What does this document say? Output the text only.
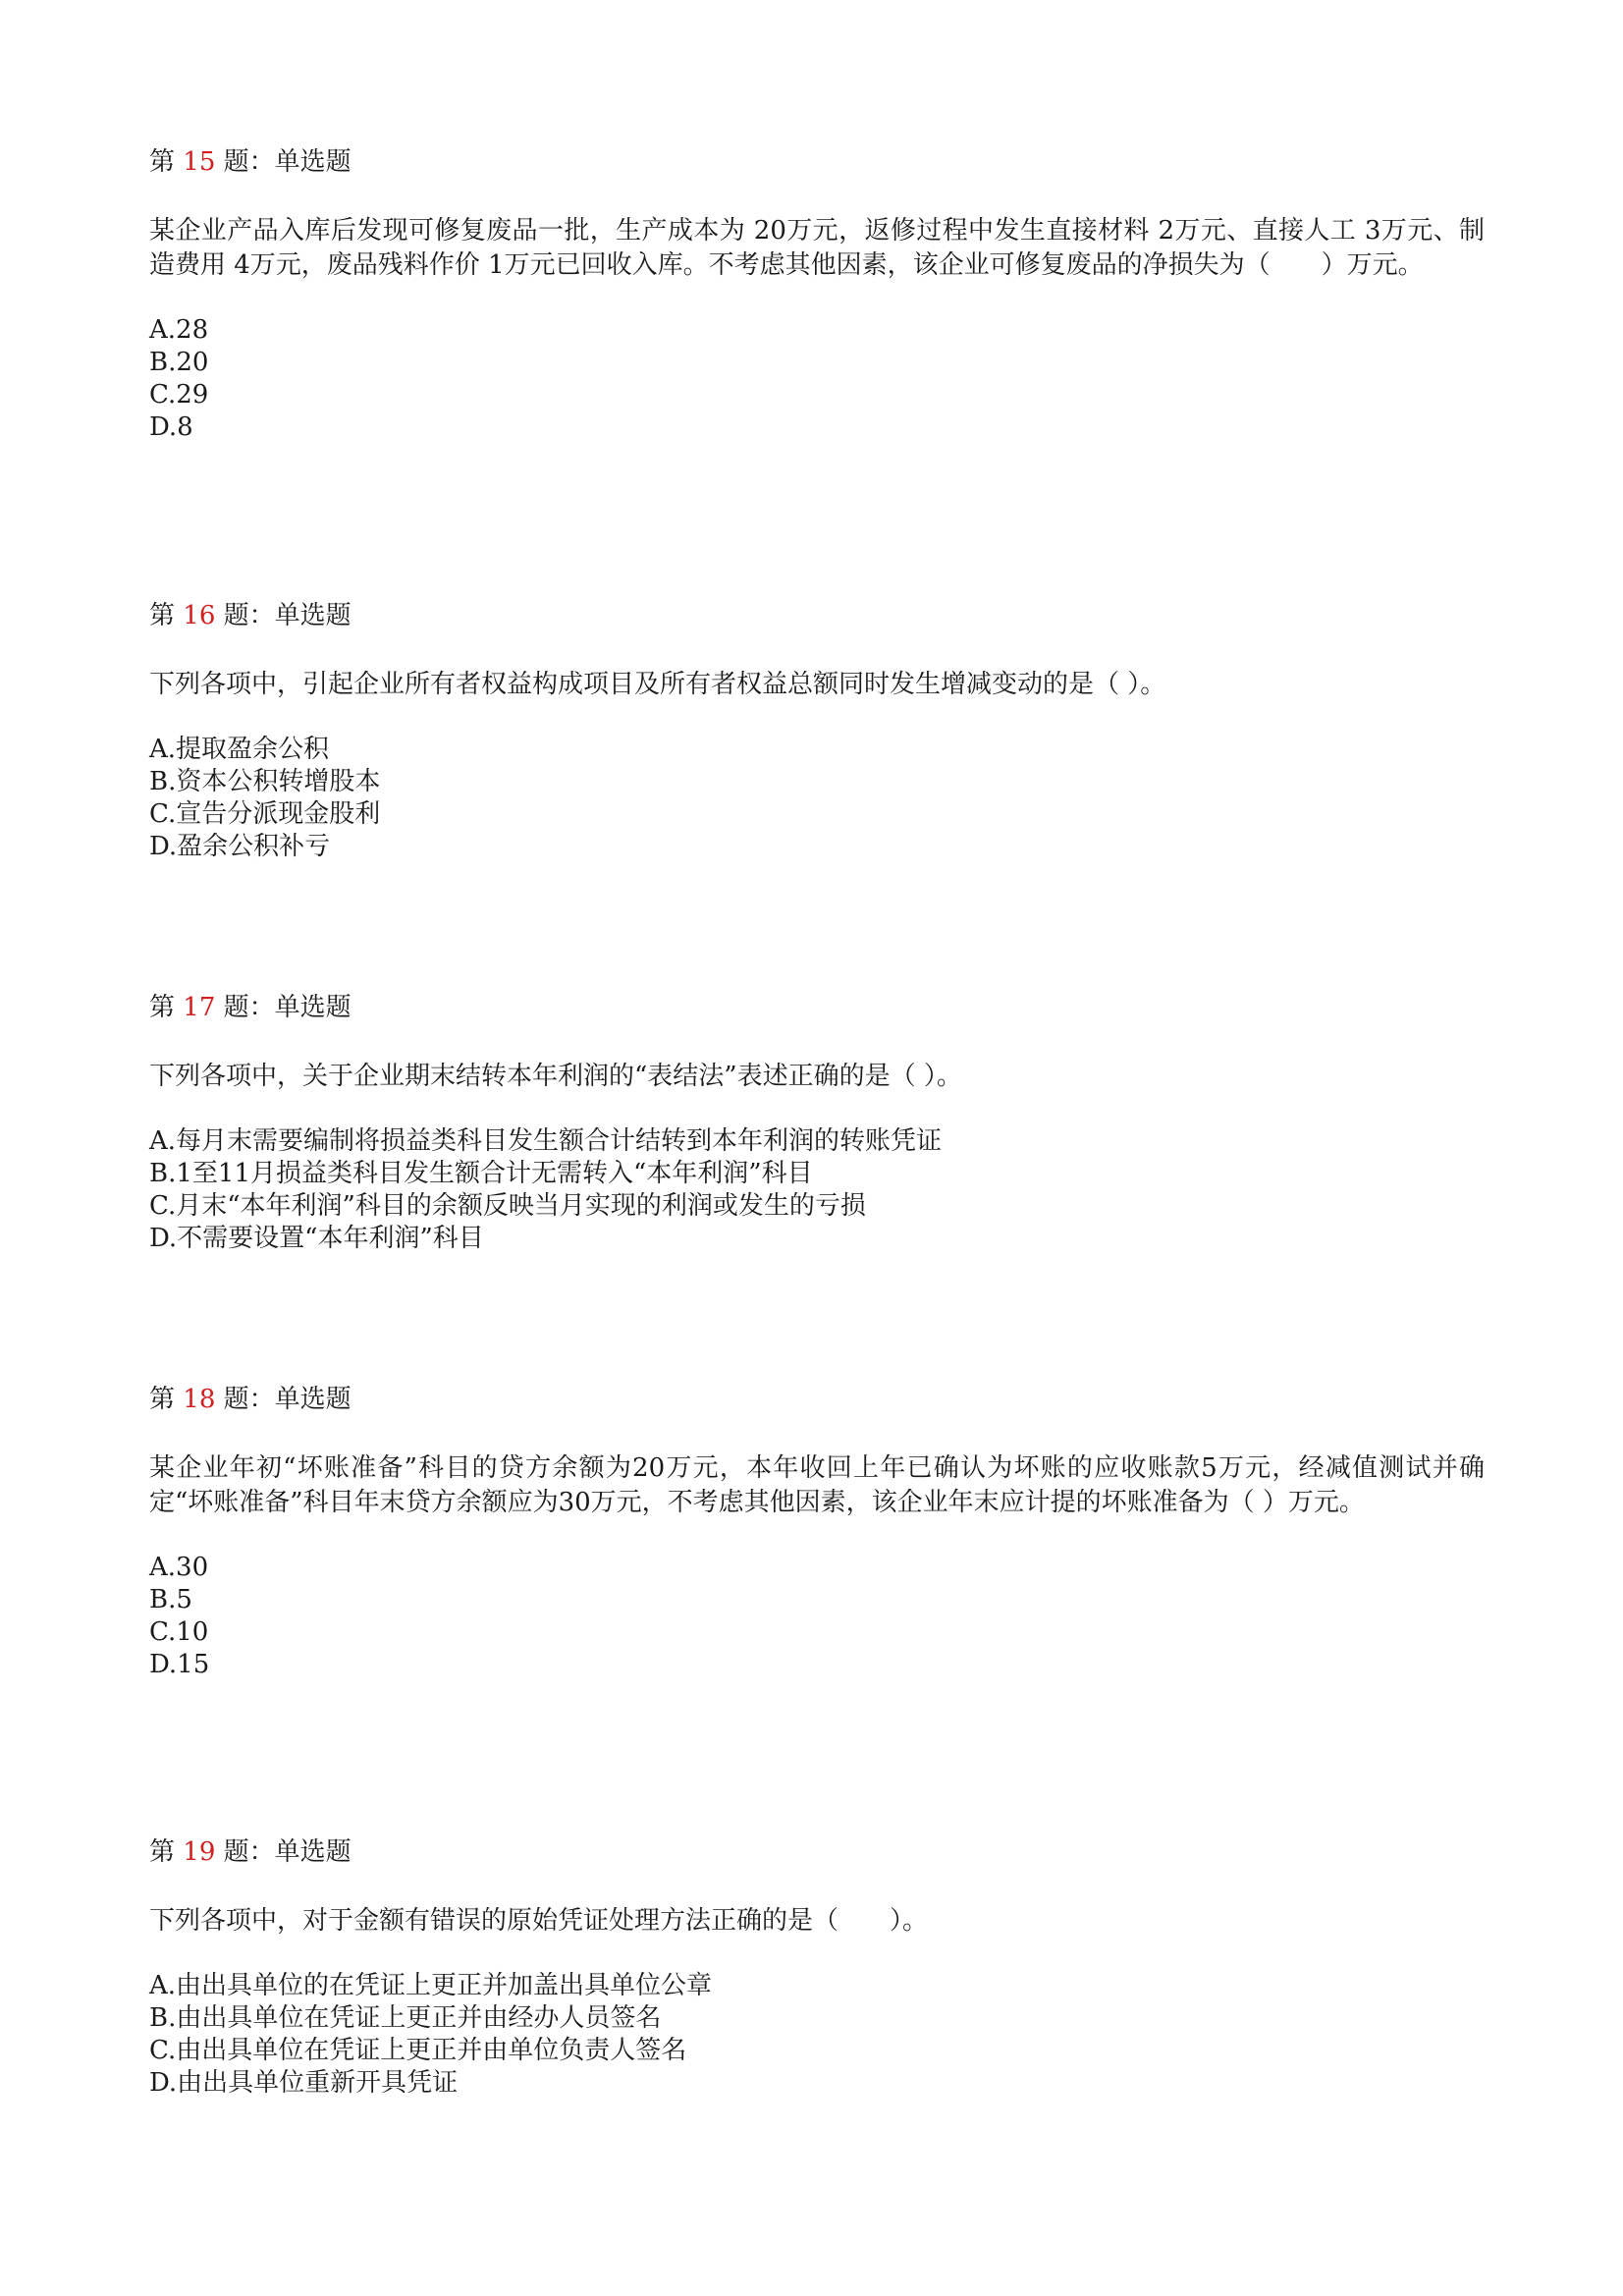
第 15 题：单选题
某企业产品入库后发现可修复废品一批，生产成本为 20万元，返修过程中发生直接材料 2万元、直接人工 3万元、制造费用 4万元，废品残料作价 1万元已回收入库。不考虑其他因素，该企业可修复废品的净损失为（　　）万元。
A.28
B.20
C.29
D.8
第 16 题：单选题
下列各项中，引起企业所有者权益构成项目及所有者权益总额同时发生增减变动的是（ ）。
A.提取盈余公积
B.资本公积转增股本
C.宣告分派现金股利
D.盈余公积补亏
第 17 题：单选题
下列各项中，关于企业期末结转本年利润的“表结法”表述正确的是（ ）。
A.每月末需要编制将损益类科目发生额合计结转到本年利润的转账凭证
B.1至11月损益类科目发生额合计无需转入“本年利润”科目
C.月末“本年利润”科目的余额反映当月实现的利润或发生的亏损
D.不需要设置“本年利润”科目
第 18 题：单选题
某企业年初“坏账准备”科目的贷方余额为20万元，本年收回上年已确认为坏账的应收账款5万元，经减值测试并确定“坏账准备”科目年末贷方余额应为30万元，不考虑其他因素，该企业年末应计提的坏账准备为（ ）万元。
A.30
B.5
C.10
D.15
第 19 题：单选题
下列各项中，对于金额有错误的原始凭证处理方法正确的是（　　）。
A.由出具单位的在凭证上更正并加盖出具单位公章
B.由出具单位在凭证上更正并由经办人员签名
C.由出具单位在凭证上更正并由单位负责人签名
D.由出具单位重新开具凭证
